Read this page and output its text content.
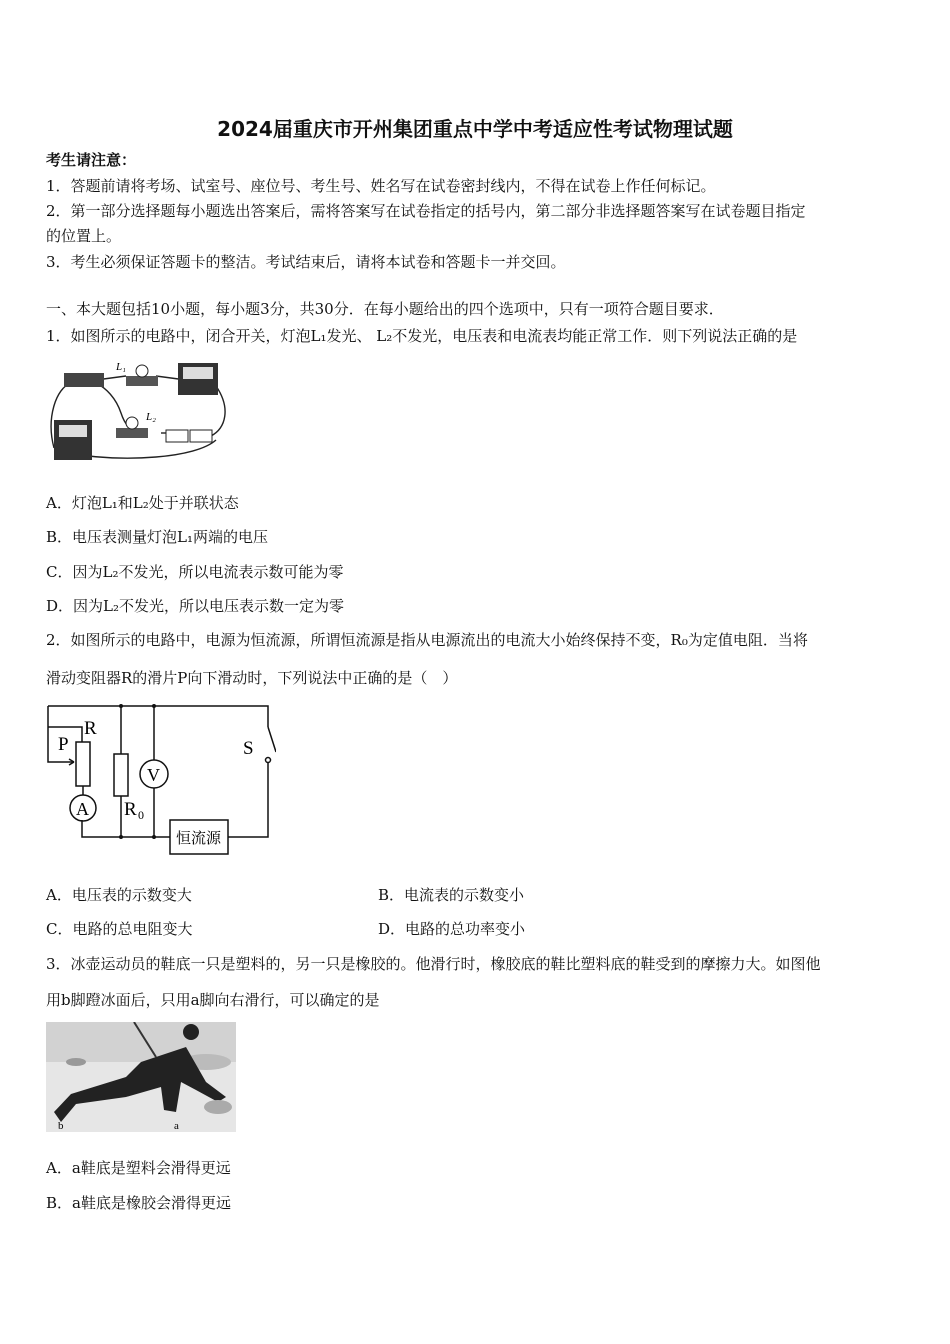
2024届重庆市开州集团重点中学中考适应性考试物理试题
考生请注意：
1．答题前请将考场、试室号、座位号、考生号、姓名写在试卷密封线内，不得在试卷上作任何标记。
2．第一部分选择题每小题选出答案后，需将答案写在试卷指定的括号内，第二部分非选择题答案写在试卷题目指定
的位置上。
3．考生必须保证答题卡的整洁。考试结束后，请将本试卷和答题卡一并交回。
一、本大题包括10小题，每小题3分，共30分．在每小题给出的四个选项中，只有一项符合题目要求．
1．如图所示的电路中，闭合开关，灯泡L₁发光、 L₂不发光，电压表和电流表均能正常工作．则下列说法正确的是
L₁
L₂
A．灯泡L₁和L₂处于并联状态
B．电压表测量灯泡L₁两端的电压
C．因为L₂不发光，所以电流表示数可能为零
D．因为L₂不发光，所以电压表示数一定为零
2．如图所示的电路中，电源为恒流源，所谓恒流源是指从电源流出的电流大小始终保持不变，R₀为定值电阻．当将
滑动变阻器R的滑片P向下滑动时，下列说法中正确的是（　）
P
R
A
V
R 0
S
恒流源
A．电压表的示数变大	B．电流表的示数变小
C．电路的总电阻变大	D．电路的总功率变小
3．冰壶运动员的鞋底一只是塑料的，另一只是橡胶的。他滑行时，橡胶底的鞋比塑料底的鞋受到的摩擦力大。如图他
用b脚蹬冰面后，只用a脚向右滑行，可以确定的是
b	a
A．a鞋底是塑料会滑得更远
B．a鞋底是橡胶会滑得更远
